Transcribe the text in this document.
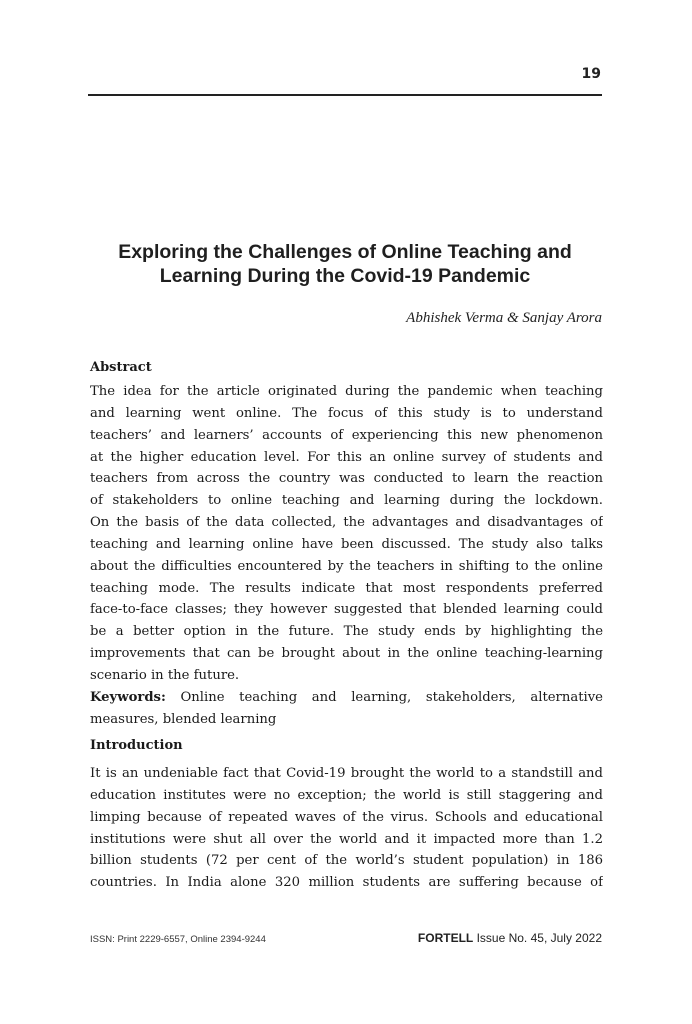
19
Exploring the Challenges of Online Teaching and
Learning During the Covid-19 Pandemic
Abhishek Verma & Sanjay Arora
Abstract
The idea for the article originated during the pandemic when teaching
and learning went online. The focus of this study is to understand
teachers’ and learners’ accounts of experiencing this new phenomenon
at the higher education level. For this an online survey of students and
teachers from across the country was conducted to learn the reaction
of stakeholders to online teaching and learning during the lockdown.
On the basis of the data collected, the advantages and disadvantages of
teaching and learning online have been discussed. The study also talks
about the difficulties encountered by the teachers in shifting to the online
teaching mode. The results indicate that most respondents preferred
face-to-face classes; they however suggested that blended learning could
be a better option in the future. The study ends by highlighting the
improvements that can be brought about in the online teaching-learning
scenario in the future.
Keywords: Online teaching and learning, stakeholders, alternative
measures, blended learning
Introduction
It is an undeniable fact that Covid-19 brought the world to a standstill and
education institutes were no exception; the world is still staggering and
limping because of repeated waves of the virus. Schools and educational
institutions were shut all over the world and it impacted more than 1.2
billion students (72 per cent of the world’s student population) in 186
countries. In India alone 320 million students are suffering because of
ISSN: Print 2229-6557, Online 2394-9244	FORTELL Issue No. 45, July 2022
